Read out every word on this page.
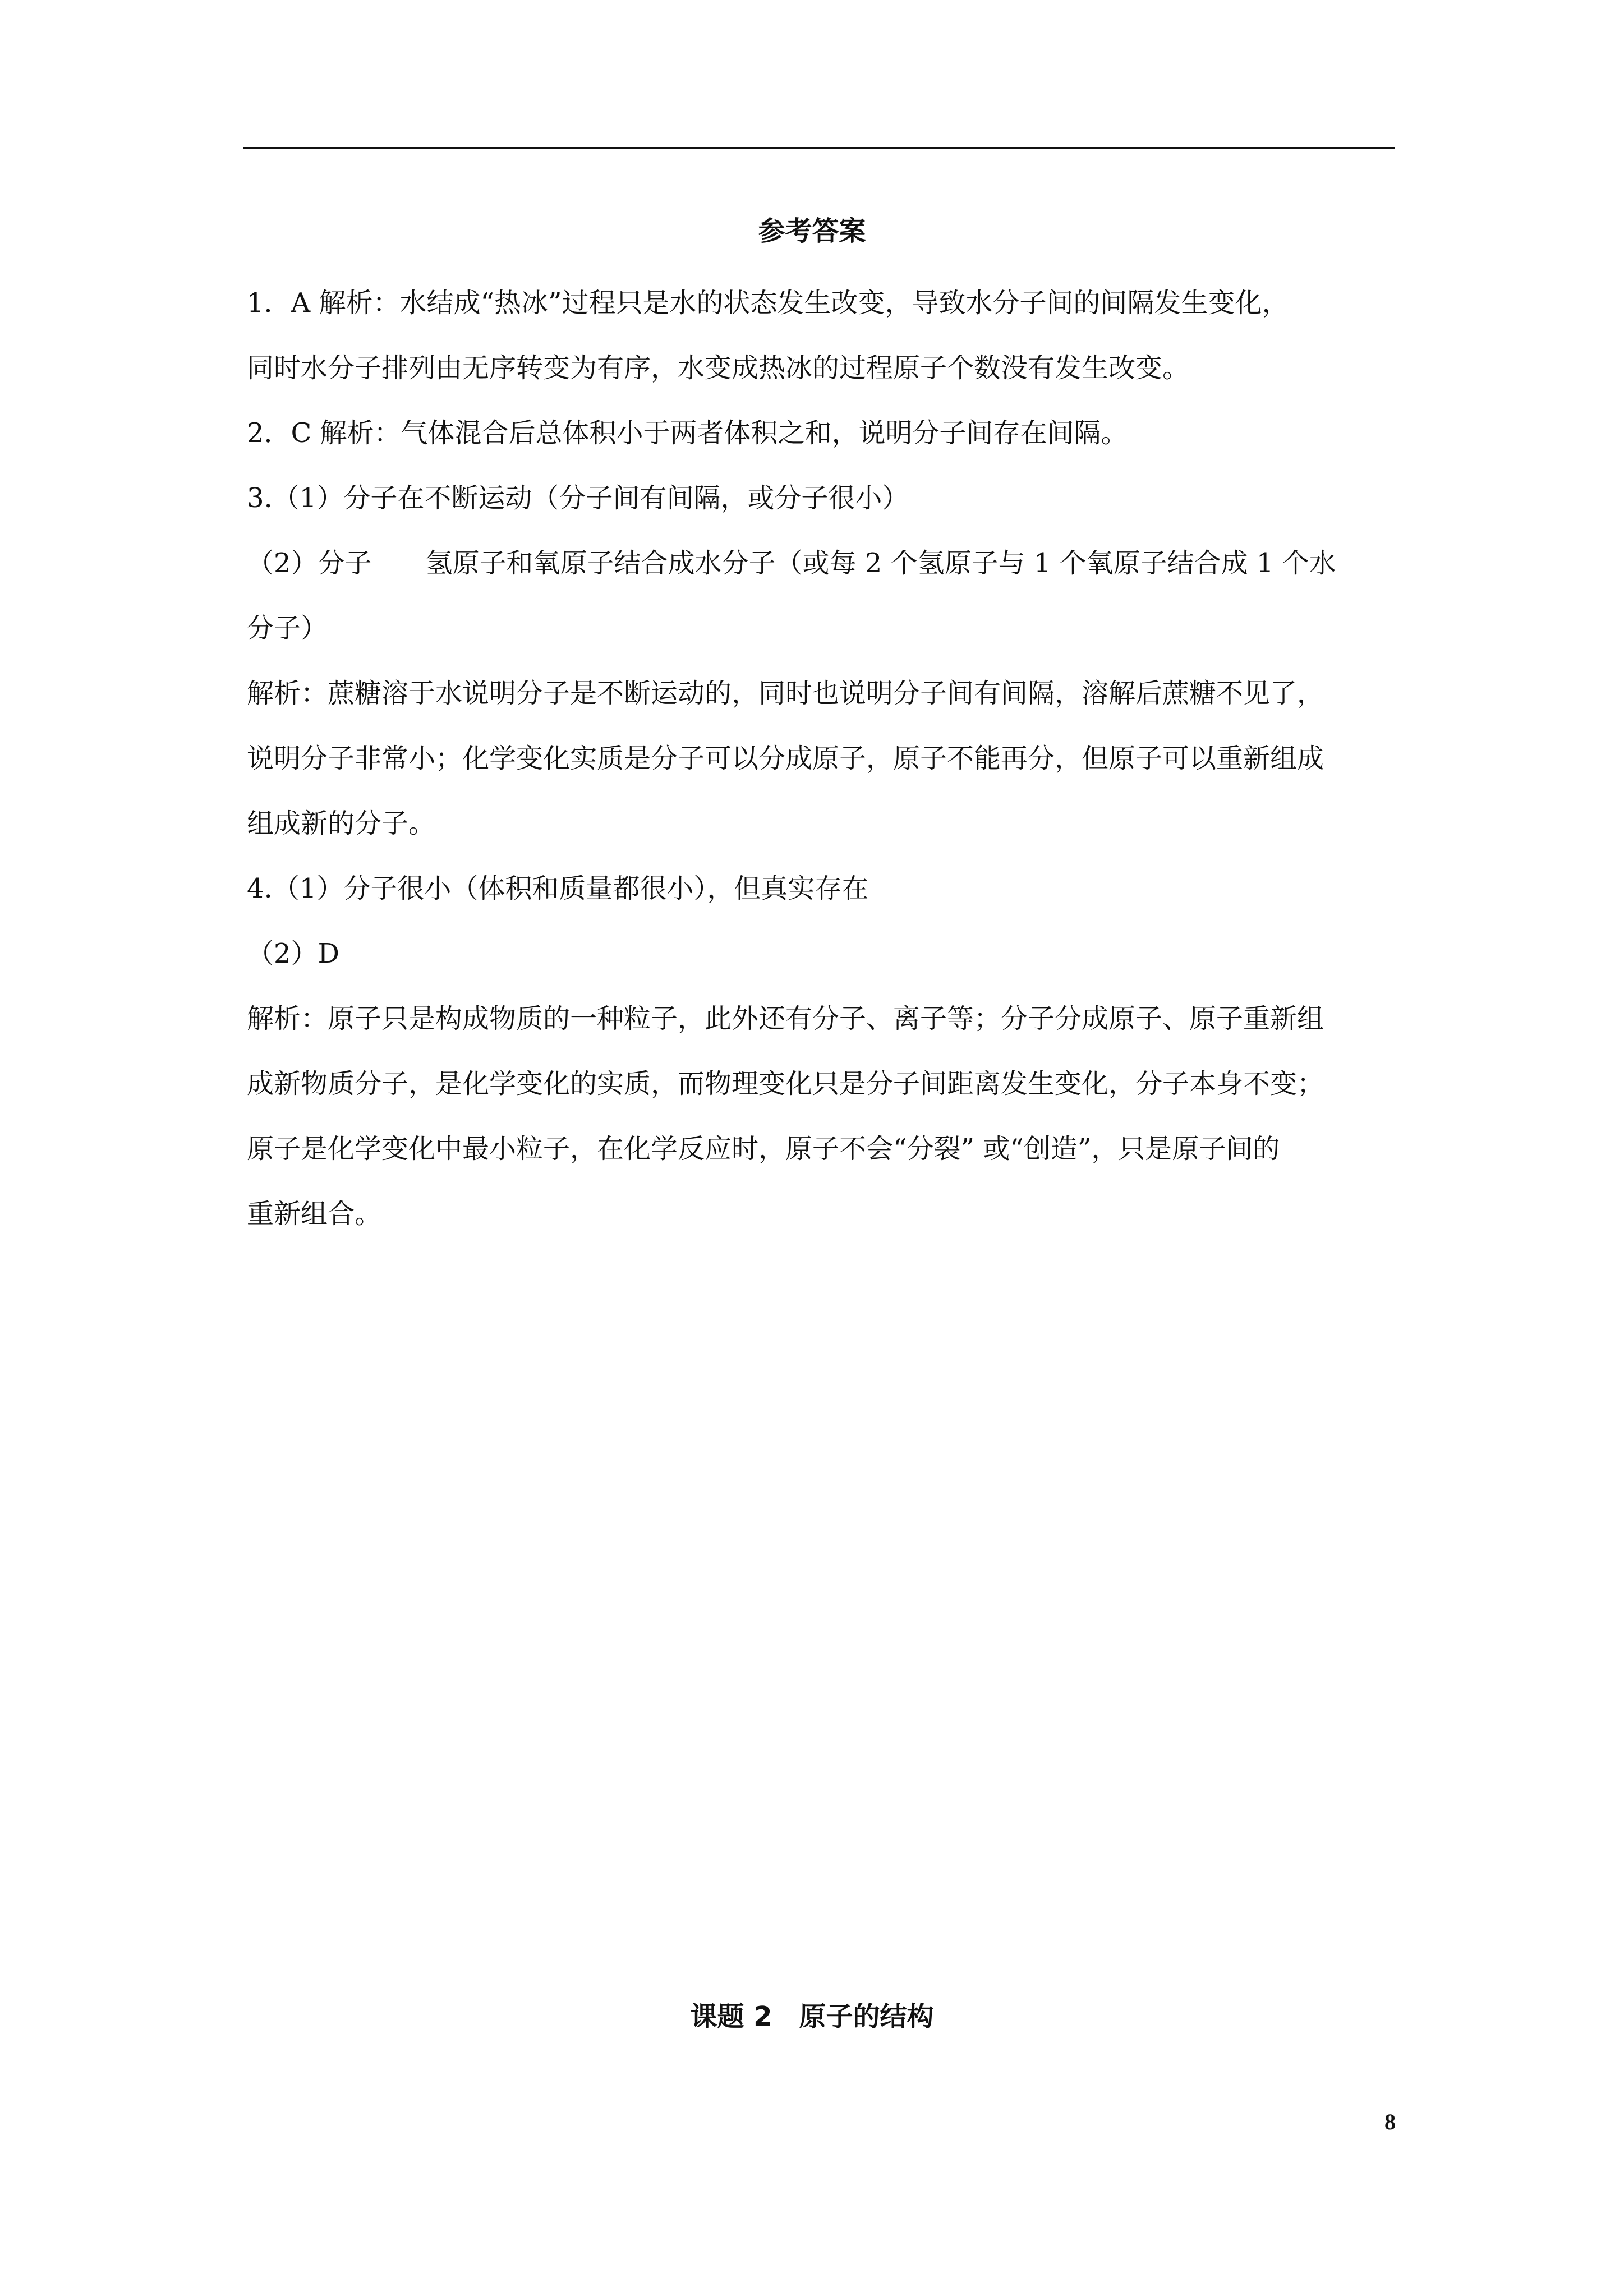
参考答案
1．A 解析：水结成“热冰”过程只是水的状态发生改变，导致水分子间的间隔发生变化，
同时水分子排列由无序转变为有序，水变成热冰的过程原子个数没有发生改变。
2．C 解析：气体混合后总体积小于两者体积之和，说明分子间存在间隔。
3.（1）分子在不断运动（分子间有间隔，或分子很小）
（2）分子　　氢原子和氧原子结合成水分子（或每 2 个氢原子与 1 个氧原子结合成 1 个水
分子）
解析：蔗糖溶于水说明分子是不断运动的，同时也说明分子间有间隔，溶解后蔗糖不见了，
说明分子非常小；化学变化实质是分子可以分成原子，原子不能再分，但原子可以重新组成
组成新的分子。
4.（1）分子很小（体积和质量都很小），但真实存在
（2）D
解析：原子只是构成物质的一种粒子，此外还有分子、离子等；分子分成原子、原子重新组
成新物质分子，是化学变化的实质，而物理变化只是分子间距离发生变化，分子本身不变；
原子是化学变化中最小粒子，在化学反应时，原子不会“分裂” 或“创造”，只是原子间的
重新组合。
课题 2　原子的结构
8
